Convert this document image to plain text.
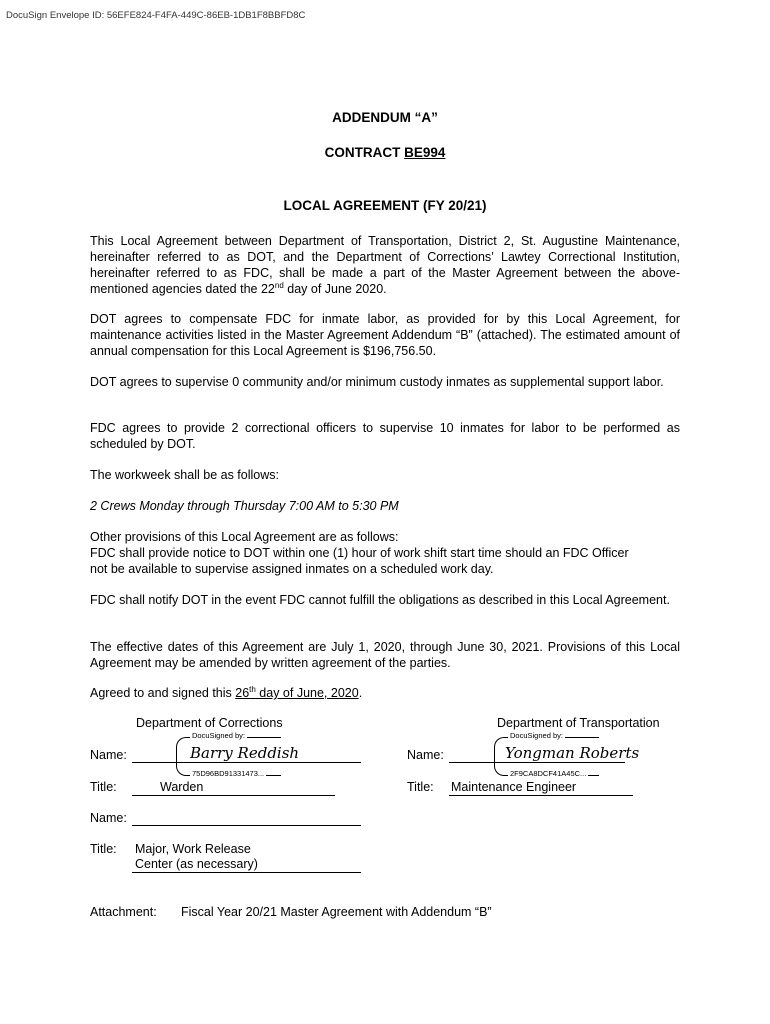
DocuSign Envelope ID: 56EFE824-F4FA-449C-86EB-1DB1F8BBFD8C
ADDENDUM “A”
CONTRACT BE994
LOCAL AGREEMENT (FY 20/21)
This Local Agreement between Department of Transportation, District 2, St. Augustine Maintenance, hereinafter referred to as DOT, and the Department of Corrections’ Lawtey Correctional Institution, hereinafter referred to as FDC, shall be made a part of the Master Agreement between the above-mentioned agencies dated the 22nd day of June 2020.
DOT agrees to compensate FDC for inmate labor, as provided for by this Local Agreement, for maintenance activities listed in the Master Agreement Addendum “B” (attached). The estimated amount of annual compensation for this Local Agreement is $196,756.50.
DOT agrees to supervise 0 community and/or minimum custody inmates as supplemental support labor.
FDC agrees to provide 2 correctional officers to supervise 10 inmates for labor to be performed as scheduled by DOT.
The workweek shall be as follows:
2 Crews Monday through Thursday 7:00 AM to 5:30 PM
Other provisions of this Local Agreement are as follows:
FDC shall provide notice to DOT within one (1) hour of work shift start time should an FDC Officer
not be available to supervise assigned inmates on a scheduled work day.
FDC shall notify DOT in the event FDC cannot fulfill the obligations as described in this Local Agreement.
The effective dates of this Agreement are July 1, 2020, through June 30, 2021. Provisions of this Local Agreement may be amended by written agreement of the parties.
Agreed to and signed this 26th day of June, 2020.
Department of Corrections	Department of Transportation
Name:
DocuSigned by:
Barry Reddish
75D96BD91331473...
Title:	Warden
Name:
DocuSigned by:
Yongman Roberts
2F9CA8DCF41A45C...
Title: Maintenance Engineer
Name:
Title: Major, Work Release
Center (as necessary)
Attachment: Fiscal Year 20/21 Master Agreement with Addendum “B”
